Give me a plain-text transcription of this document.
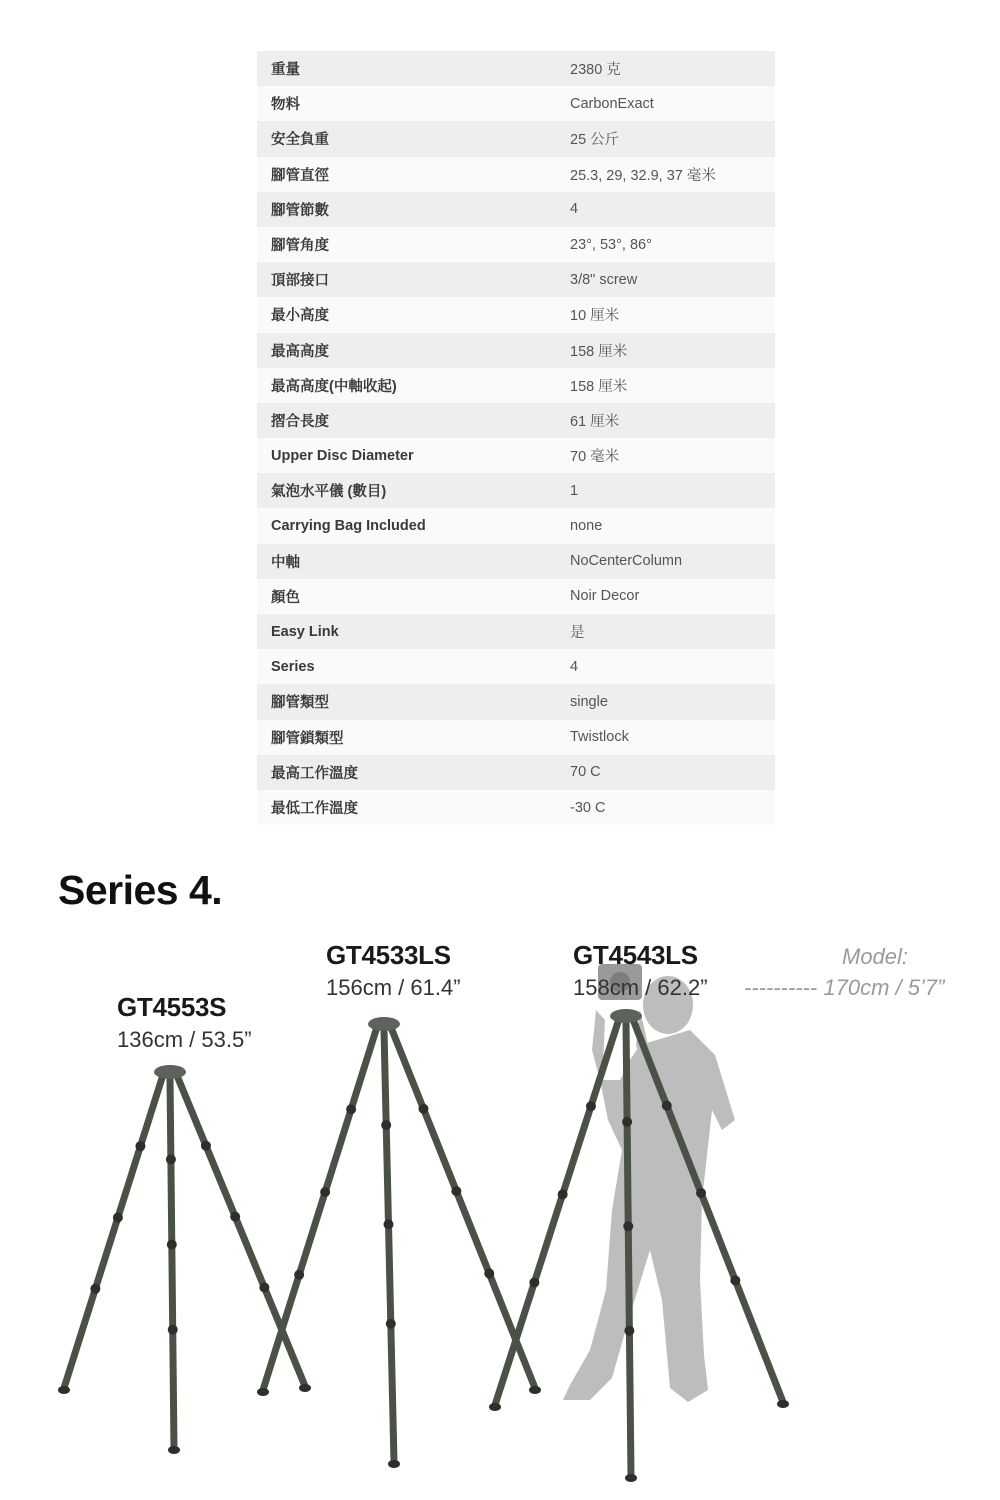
重量	2380 克
物料	CarbonExact
安全負重	25 公斤
腳管直徑	25.3, 29, 32.9, 37 毫米
腳管節數	4
腳管角度	23°, 53°, 86°
頂部接口	3/8" screw
最小高度	10 厘米
最高高度	158 厘米
最高高度(中軸收起)	158 厘米
摺合長度	61 厘米
Upper Disc Diameter	70 毫米
氣泡水平儀 (數目)	1
Carrying Bag Included	none
中軸	NoCenterColumn
顏色	Noir Decor
Easy Link	是
Series	4
腳管類型	single
腳管鎖類型	Twistlock
最高工作溫度	70 C
最低工作溫度	-30 C
Series 4.
GT4553S
136cm / 53.5”
GT4533LS
156cm / 61.4”
GT4543LS
158cm / 62.2”
Model:
---------- 170cm / 5’7”
